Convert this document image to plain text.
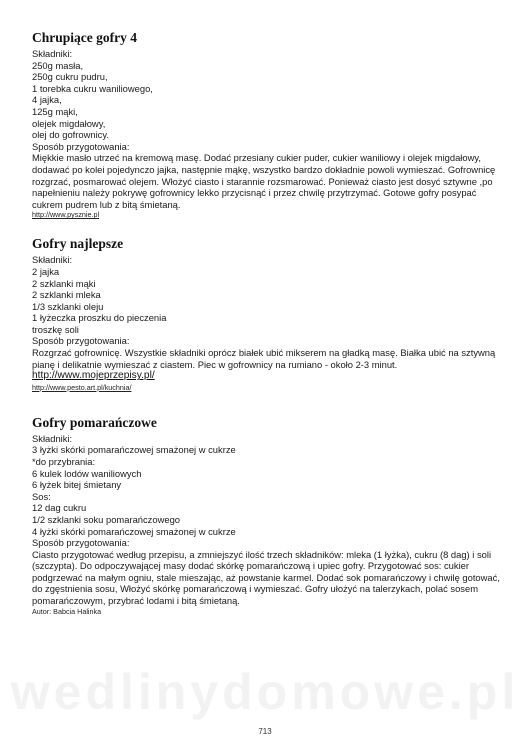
wedlinydomowe.pl
Chrupiące gofry 4

Składniki:

250g masła,

250g cukru pudru,

1 torebka cukru waniliowego,

4 jajka,

125g mąki,

olejek migdałowy,

olej do gofrownicy.

Sposób przygotowania:

Miękkie masło utrzeć na kremową masę. Dodać przesiany cukier puder, cukier waniliowy i olejek migdałowy, dodawać po kolei pojedynczo jajka, następnie mąkę, wszystko bardzo dokładnie powoli wymieszać. Gofrownicę rozgrzać, posmarować olejem. Włożyć ciasto i starannie rozsmarować. Ponieważ ciasto jest dosyć sztywne ,po napełnieniu należy pokrywę gofrownicy lekko przycisnąć i przez chwilę przytrzymać. Gotowe gofry posypać cukrem pudrem lub z bitą śmietaną.

http://www.pysznie.pl
Gofry najlepsze

Składniki:

2 jajka

2 szklanki mąki

2 szklanki mleka

1/3 szklanki oleju

1 łyżeczka proszku do pieczenia

troszkę soli

Sposób przygotowania:

Rozgrzać gofrownicę. Wszystkie składniki oprócz białek ubić mikserem na gładką masę. Białka ubić na sztywną pianę i delikatnie wymieszać z ciastem. Piec w gofrownicy na rumiano - około 2-3 minut.

http://www.mojeprzepisy.pl/
http://www.pesto.art.pl/kuchnia/
Gofry pomarańczowe

Składniki:

3 łyżki skórki pomarańczowej smażonej w cukrze

*do przybrania:

6 kulek lodów waniliowych

6 łyżek bitej śmietany

Sos:

12 dag cukru

1/2 szklanki soku pomarańczowego

4 łyżki skórki pomarańczowej smażonej w cukrze

Sposób przygotowania:

Ciasto przygotować według przepisu, a zmniejszyć ilość trzech składników: mleka (1 łyżka), cukru (8 dag) i soli (szczypta). Do odpoczywającej masy dodać skórkę pomarańczową i upiec gofry. Przygotować sos: cukier podgrzewać na małym ogniu, stale mieszając, aż powstanie karmel. Dodać sok pomarańczowy i chwilę gotować, do zgęstnienia sosu, Włożyć skórkę pomarańczową i wymieszać. Gofry ułożyć na talerzykach, polać sosem pomarańczowym, przybrać lodami i bitą śmietaną.

Autor: Babcia Halinka
713
